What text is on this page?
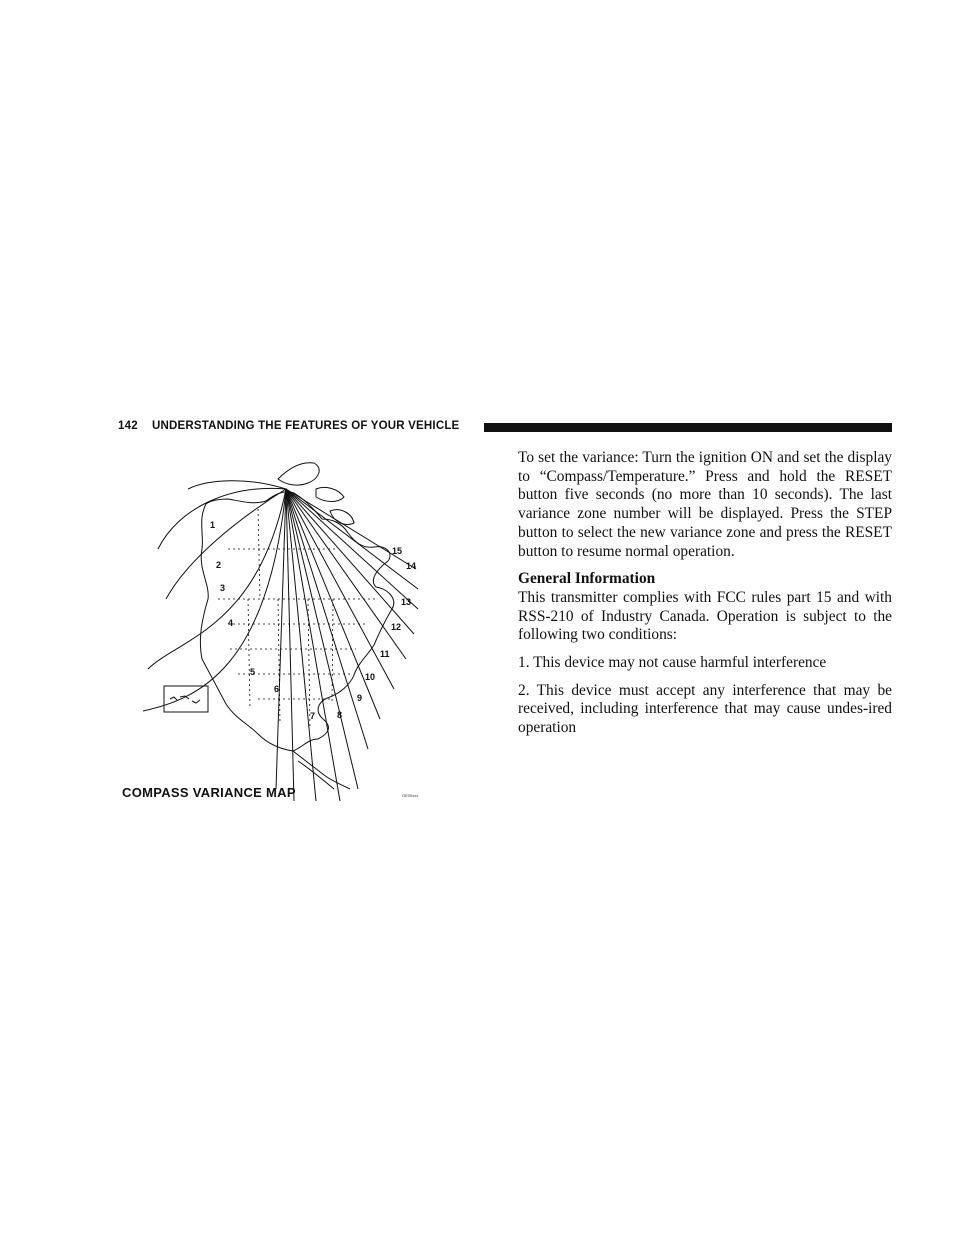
142 UNDERSTANDING THE FEATURES OF YOUR VEHICLE
1
2
3
4
5
6
7 8
9
10
11
12
13
14
15
COMPASS VARIANCE MAP	GE00xxx

To set the variance: Turn the ignition ON and set the display to “Compass/Temperature.” Press and hold the RESET button five seconds (no more than 10 seconds). The last variance zone number will be displayed. Press the STEP button to select the new variance zone and press the RESET button to resume normal operation.

General Information

This transmitter complies with FCC rules part 15 and with RSS-210 of Industry Canada. Operation is subject to the following two conditions:

1. This device may not cause harmful interference

2. This device must accept any interference that may be received, including interference that may cause undes-ired operation
